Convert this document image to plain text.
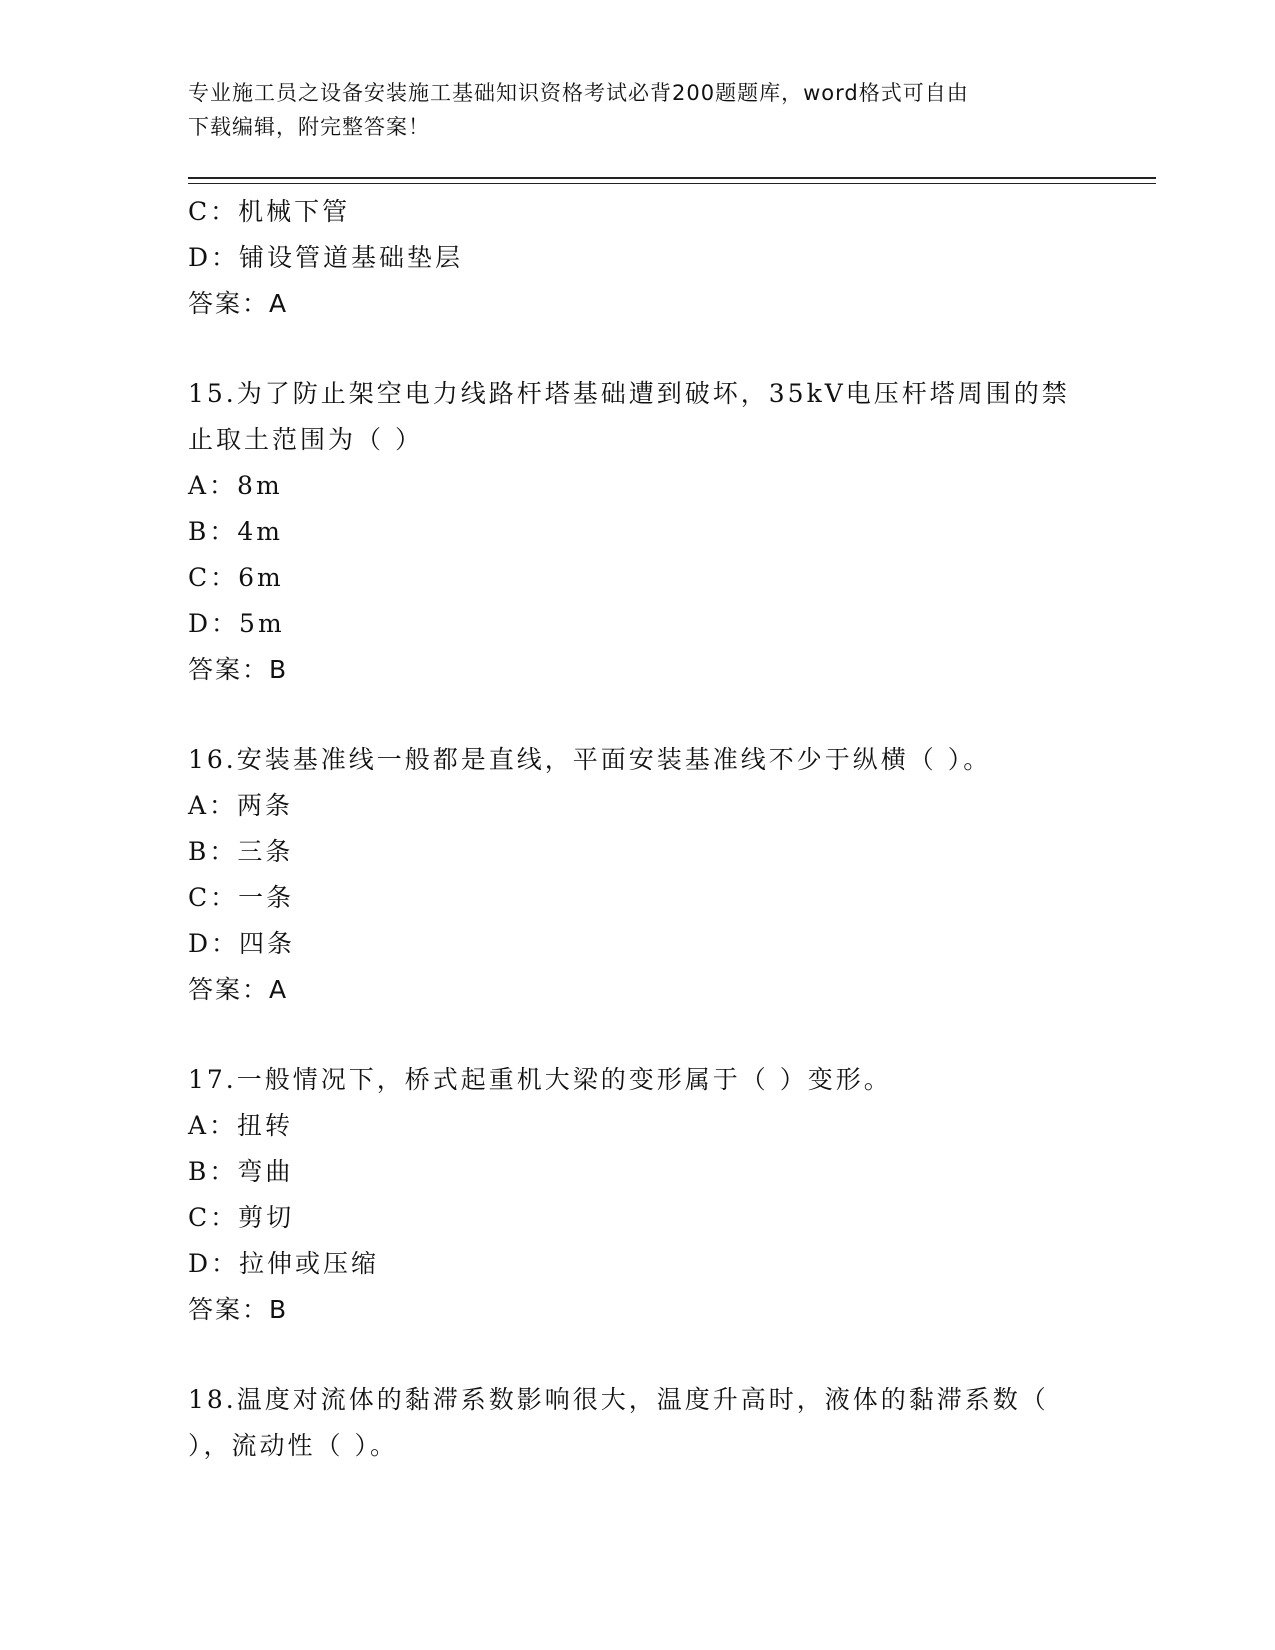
专业施工员之设备安装施工基础知识资格考试必背200题题库，word格式可自由
下载编辑，附完整答案！
C：机械下管
D：铺设管道基础垫层
答案：A
15.为了防止架空电力线路杆塔基础遭到破坏，35kV电压杆塔周围的禁
止取土范围为（ ）
A：8m
B：4m
C：6m
D：5m
答案：B
16.安装基准线一般都是直线，平面安装基准线不少于纵横（ ）。
A：两条
B：三条
C：一条
D：四条
答案：A
17.一般情况下，桥式起重机大梁的变形属于（ ）变形。
A：扭转
B：弯曲
C：剪切
D：拉伸或压缩
答案：B
18.温度对流体的黏滞系数影响很大，温度升高时，液体的黏滞系数（
），流动性（ ）。
